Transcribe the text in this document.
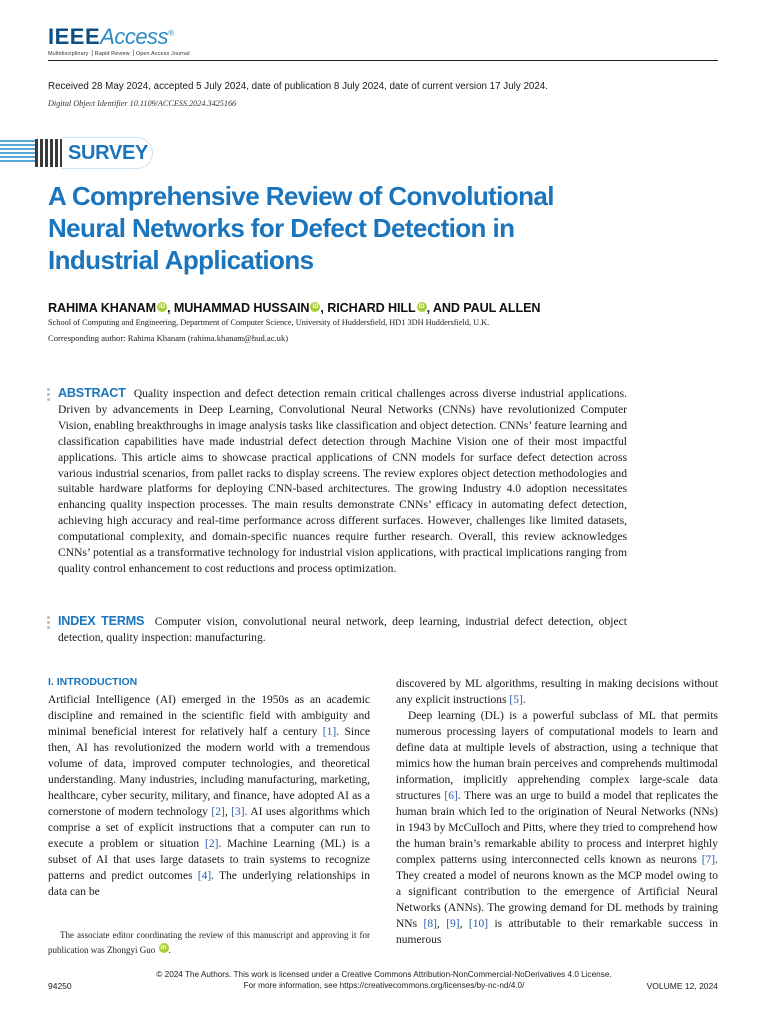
IEEEAccess®
Multidisciplinary ⎟ Rapid Review ⎟ Open Access Journal
Received 28 May 2024, accepted 5 July 2024, date of publication 8 July 2024, date of current version 17 July 2024.
Digital Object Identifier 10.1109/ACCESS.2024.3425166
SURVEY
A Comprehensive Review of Convolutional Neural Networks for Defect Detection in Industrial Applications
RAHIMA KHANAM iD , MUHAMMAD HUSSAIN iD , RICHARD HILL iD , AND PAUL ALLEN
School of Computing and Engineering, Department of Computer Science, University of Huddersfield, HD1 3DH Huddersfield, U.K.
Corresponding author: Rahima Khanam (rahima.khanam@hud.ac.uk)
ABSTRACT Quality inspection and defect detection remain critical challenges across diverse industrial applications. Driven by advancements in Deep Learning, Convolutional Neural Networks (CNNs) have revolutionized Computer Vision, enabling breakthroughs in image analysis tasks like classification and object detection. CNNs’ feature learning and classification capabilities have made industrial defect detection through Machine Vision one of their most impactful applications. This article aims to showcase practical applications of CNN models for surface defect detection across various industrial scenarios, from pallet racks to display screens. The review explores object detection methodologies and suitable hardware platforms for deploying CNN-based architectures. The growing Industry 4.0 adoption necessitates enhancing quality inspection processes. The main results demonstrate CNNs’ efficacy in automating defect detection, achieving high accuracy and real-time performance across different surfaces. However, challenges like limited datasets, computational complexity, and domain-specific nuances require further research. Overall, this review acknowledges CNNs’ potential as a transformative technology for industrial vision applications, with practical implications ranging from quality control enhancement to cost reductions and process optimization.
INDEX TERMS Computer vision, convolutional neural network, deep learning, industrial defect detection, object detection, quality inspection: manufacturing.
I. INTRODUCTION

Artificial Intelligence (AI) emerged in the 1950s as an academic discipline and remained in the scientific field with ambiguity and minimal beneficial interest for relatively half a century [1]. Since then, AI has revolutionized the modern world with a tremendous volume of data, improved computer technologies, and theoretical understanding. Many industries, including manufacturing, marketing, healthcare, cyber security, military, and finance, have adopted AI as a cornerstone of modern technology [2], [3]. AI uses algorithms which comprise a set of explicit instructions that a computer can run to execute a problem or situation [2]. Machine Learning (ML) is a subset of AI that uses large datasets to train systems to recognize patterns and predict outcomes [4]. The underlying relationships in data can be

The associate editor coordinating the review of this manuscript and approving it for publication was Zhongyi Guo iD .

discovered by ML algorithms, resulting in making decisions without any explicit instructions [5].

Deep learning (DL) is a powerful subclass of ML that permits numerous processing layers of computational models to learn and define data at multiple levels of abstraction, using a technique that mimics how the human brain perceives and comprehends multimodal information, implicitly apprehending complex large-scale data structures [6]. There was an urge to build a model that replicates the human brain which led to the origination of Neural Networks (NNs) in 1943 by McCulloch and Pitts, where they tried to comprehend how the human brain’s remarkable ability to process and interpret highly complex patterns using interconnected cells known as neurons [7]. They created a model of neurons known as the MCP model owing to a significant contribution to the emergence of Artificial Neural Networks (ANNs). The growing demand for DL methods by training NNs [8], [9], [10] is attributable to their remarkable success in numerous

© 2024 The Authors. This work is licensed under a Creative Commons Attribution-NonCommercial-NoDerivatives 4.0 License.
For more information, see https://creativecommons.org/licenses/by-nc-nd/4.0/
94250	VOLUME 12, 2024
